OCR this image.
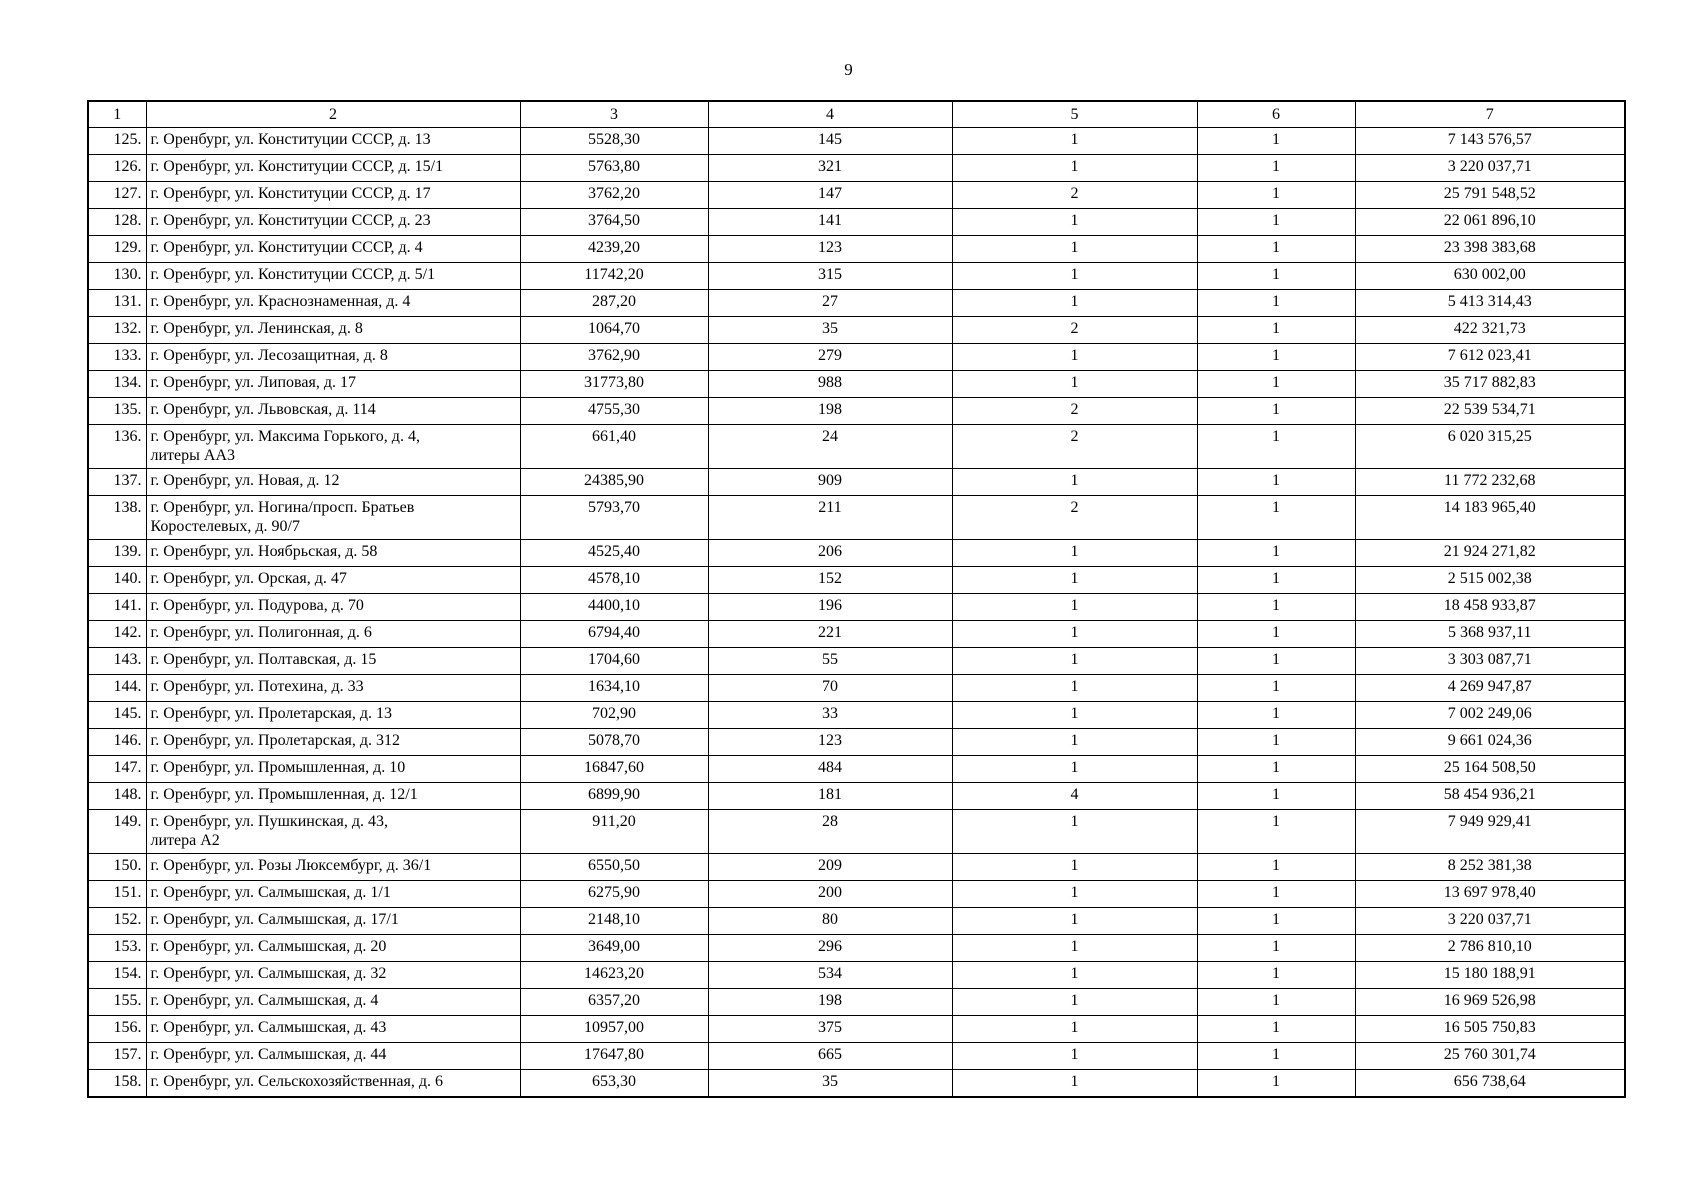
9
1	2	3	4	5	6	7
125.	г. Оренбург, ул. Конституции СССР, д. 13	5528,30	145	1	1	7 143 576,57
126.	г. Оренбург, ул. Конституции СССР, д. 15/1	5763,80	321	1	1	3 220 037,71
127.	г. Оренбург, ул. Конституции СССР, д. 17	3762,20	147	2	1	25 791 548,52
128.	г. Оренбург, ул. Конституции СССР, д. 23	3764,50	141	1	1	22 061 896,10
129.	г. Оренбург, ул. Конституции СССР, д. 4	4239,20	123	1	1	23 398 383,68
130.	г. Оренбург, ул. Конституции СССР, д. 5/1	11742,20	315	1	1	630 002,00
131.	г. Оренбург, ул. Краснознаменная, д. 4	287,20	27	1	1	5 413 314,43
132.	г. Оренбург, ул. Ленинская, д. 8	1064,70	35	2	1	422 321,73
133.	г. Оренбург, ул. Лесозащитная, д. 8	3762,90	279	1	1	7 612 023,41
134.	г. Оренбург, ул. Липовая, д. 17	31773,80	988	1	1	35 717 882,83
135.	г. Оренбург, ул. Львовская, д. 114	4755,30	198	2	1	22 539 534,71
136.	г. Оренбург, ул. Максима Горького, д. 4,
литеры АА3	661,40	24	2	1	6 020 315,25
137.	г. Оренбург, ул. Новая, д. 12	24385,90	909	1	1	11 772 232,68
138.	г. Оренбург, ул. Ногина/просп. Братьев
Коростелевых, д. 90/7	5793,70	211	2	1	14 183 965,40
139.	г. Оренбург, ул. Ноябрьская, д. 58	4525,40	206	1	1	21 924 271,82
140.	г. Оренбург, ул. Орская, д. 47	4578,10	152	1	1	2 515 002,38
141.	г. Оренбург, ул. Подурова, д. 70	4400,10	196	1	1	18 458 933,87
142.	г. Оренбург, ул. Полигонная, д. 6	6794,40	221	1	1	5 368 937,11
143.	г. Оренбург, ул. Полтавская, д. 15	1704,60	55	1	1	3 303 087,71
144.	г. Оренбург, ул. Потехина, д. 33	1634,10	70	1	1	4 269 947,87
145.	г. Оренбург, ул. Пролетарская, д. 13	702,90	33	1	1	7 002 249,06
146.	г. Оренбург, ул. Пролетарская, д. 312	5078,70	123	1	1	9 661 024,36
147.	г. Оренбург, ул. Промышленная, д. 10	16847,60	484	1	1	25 164 508,50
148.	г. Оренбург, ул. Промышленная, д. 12/1	6899,90	181	4	1	58 454 936,21
149.	г. Оренбург, ул. Пушкинская, д. 43,
литера А2	911,20	28	1	1	7 949 929,41
150.	г. Оренбург, ул. Розы Люксембург, д. 36/1	6550,50	209	1	1	8 252 381,38
151.	г. Оренбург, ул. Салмышская, д. 1/1	6275,90	200	1	1	13 697 978,40
152.	г. Оренбург, ул. Салмышская, д. 17/1	2148,10	80	1	1	3 220 037,71
153.	г. Оренбург, ул. Салмышская, д. 20	3649,00	296	1	1	2 786 810,10
154.	г. Оренбург, ул. Салмышская, д. 32	14623,20	534	1	1	15 180 188,91
155.	г. Оренбург, ул. Салмышская, д. 4	6357,20	198	1	1	16 969 526,98
156.	г. Оренбург, ул. Салмышская, д. 43	10957,00	375	1	1	16 505 750,83
157.	г. Оренбург, ул. Салмышская, д. 44	17647,80	665	1	1	25 760 301,74
158.	г. Оренбург, ул. Сельскохозяйственная, д. 6	653,30	35	1	1	656 738,64
